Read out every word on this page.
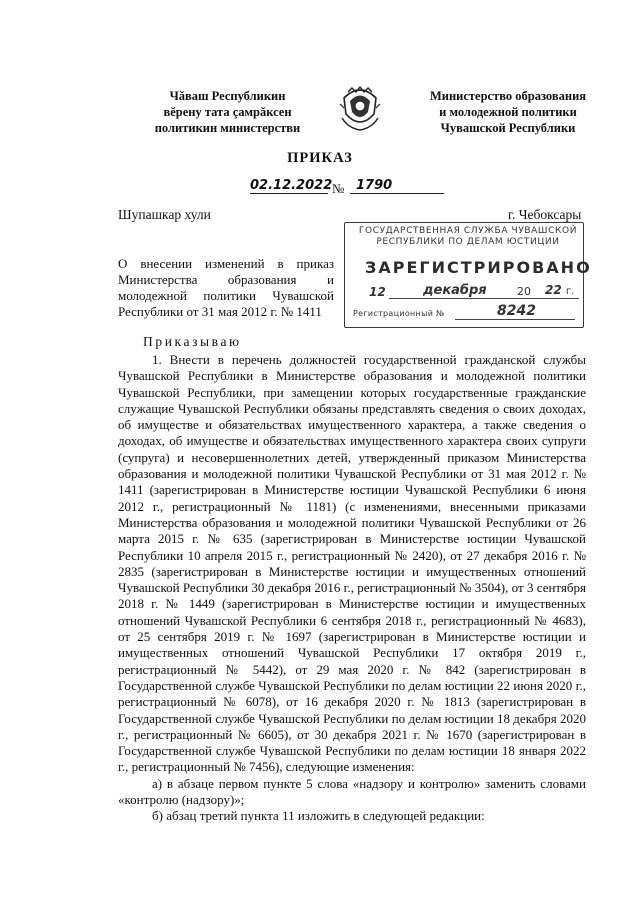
Чăваш Республикин
вĕрену тата çамрăксен
политикин министерстви
Министерство образования
и молодежной политики
Чувашской Республики
ПРИКАЗ
02.12.2022 № 1790
Шупашкар хули	г. Чебоксары
О внесении изменений в приказ
Министерства образования и
молодежной политики Чувашской
Республики от 31 мая 2012 г. № 1411
ГОСУДАРСТВЕННАЯ СЛУЖБА ЧУВАШСКОЙ
РЕСПУБЛИКИ ПО ДЕЛАМ ЮСТИЦИИ
ЗАРЕГИСТРИРОВАНО
12	декабря	20 22 г.
Регистрационный №	8242
Приказываю

1. Внести в перечень должностей государственной гражданской службы Чувашской Республики в Министерстве образования и молодежной политики Чувашской Республики, при замещении которых государственные гражданские служащие Чувашской Республики обязаны представлять сведения о своих доходах, об имуществе и обязательствах имущественного характера, а также сведения о доходах, об имуществе и обязательствах имущественного характера своих супруги (супруга) и несовершеннолетних детей, утвержденный приказом Министерства образования и молодежной политики Чувашской Республики от 31 мая 2012 г. № 1411 (зарегистрирован в Министерстве юстиции Чувашской Республики 6 июня 2012 г., регистрационный № 1181) (с изменениями, внесенными приказами Министерства образования и молодежной политики Чувашской Республики от 26 марта 2015 г. № 635 (зарегистрирован в Министерстве юстиции Чувашской Республики 10 апреля 2015 г., регистрационный № 2420), от 27 декабря 2016 г. № 2835 (зарегистрирован в Министерстве юстиции и имущественных отношений Чувашской Республики 30 декабря 2016 г., регистрационный № 3504), от 3 сентября 2018 г. № 1449 (зарегистрирован в Министерстве юстиции и имущественных отношений Чувашской Республики 6 сентября 2018 г., регистрационный № 4683), от 25 сентября 2019 г. № 1697 (зарегистрирован в Министерстве юстиции и имущественных отношений Чувашской Республики 17 октября 2019 г., регистрационный № 5442), от 29 мая 2020 г. № 842 (зарегистрирован в Государственной службе Чувашской Республики по делам юстиции 22 июня 2020 г., регистрационный № 6078), от 16 декабря 2020 г. № 1813 (зарегистрирован в Государственной службе Чувашской Республики по делам юстиции 18 декабря 2020 г., регистрационный № 6605), от 30 декабря 2021 г. № 1670 (зарегистрирован в Государственной службе Чувашской Республики по делам юстиции 18 января 2022 г., регистрационный № 7456), следующие изменения:

а) в абзаце первом пункте 5 слова «надзору и контролю» заменить словами «контролю (надзору)»;

б) абзац третий пункта 11 изложить в следующей редакции:
